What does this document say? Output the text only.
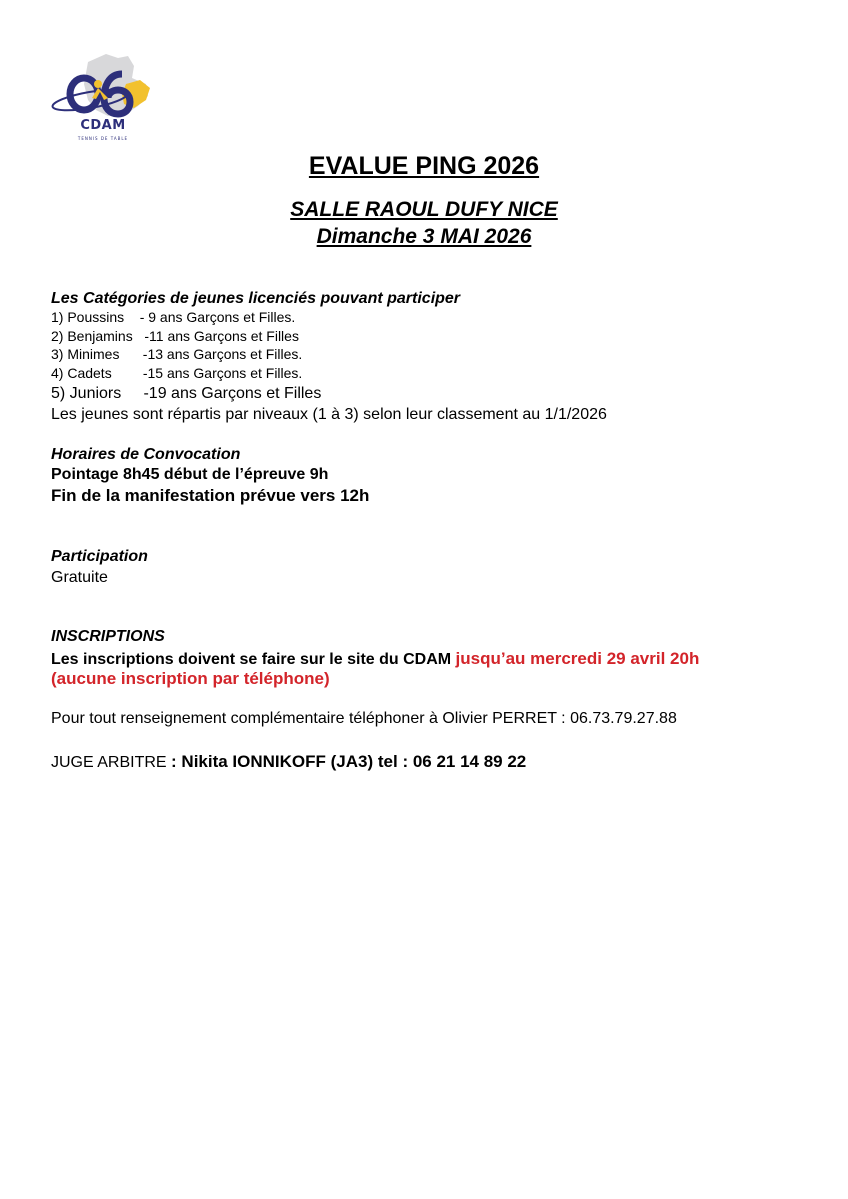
CDAM
TENNIS DE TABLE
EVALUE PING 2026
SALLE RAOUL DUFY NICE
Dimanche 3 MAI 2026
Les Catégories de jeunes licenciés pouvant participer
1) Poussins    - 9 ans Garçons et Filles.
2) Benjamins   -11 ans Garçons et Filles
3) Minimes      -13 ans Garçons et Filles.
4) Cadets        -15 ans Garçons et Filles.
5) Juniors     -19 ans Garçons et Filles
Les jeunes sont répartis par niveaux (1 à 3) selon leur classement au 1/1/2026
Horaires de Convocation
Pointage 8h45 début de l’épreuve 9h
Fin de la manifestation prévue vers 12h
Participation
Gratuite
INSCRIPTIONS
Les inscriptions doivent se faire sur le site du CDAM jusqu’au mercredi 29 avril 20h
(aucune inscription par téléphone)
Pour tout renseignement complémentaire téléphoner à Olivier PERRET : 06.73.79.27.88
JUGE ARBITRE : Nikita IONNIKOFF (JA3) tel : 06 21 14 89 22
